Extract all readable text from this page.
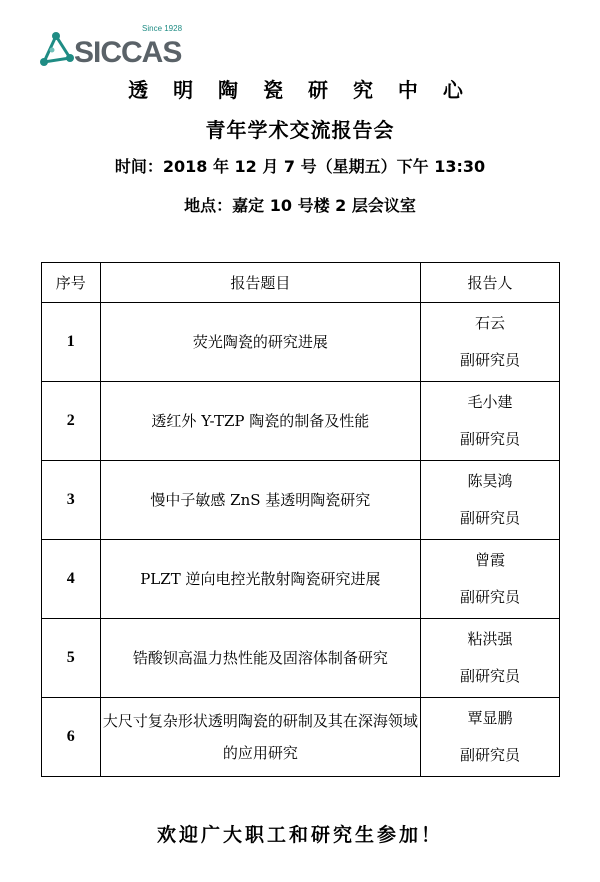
Since 1928
SICCAS
透 明 陶 瓷 研 究 中 心
青年学术交流报告会
时间：2018 年 12 月 7 号（星期五）下午 13:30
地点：嘉定 10 号楼 2 层会议室
序号	报告题目	报告人
1	荧光陶瓷的研究进展	石云
副研究员

2	透红外 Y-TZP 陶瓷的制备及性能	毛小建
副研究员

3	慢中子敏感 ZnS 基透明陶瓷研究	陈昊鸿
副研究员

4	PLZT 逆向电控光散射陶瓷研究进展	曾霞
副研究员

5	锆酸钡高温力热性能及固溶体制备研究	粘洪强
副研究员

6	大尺寸复杂形状透明陶瓷的研制及其在深海领域的应用研究	覃显鹏
副研究员
欢迎广大职工和研究生参加！
